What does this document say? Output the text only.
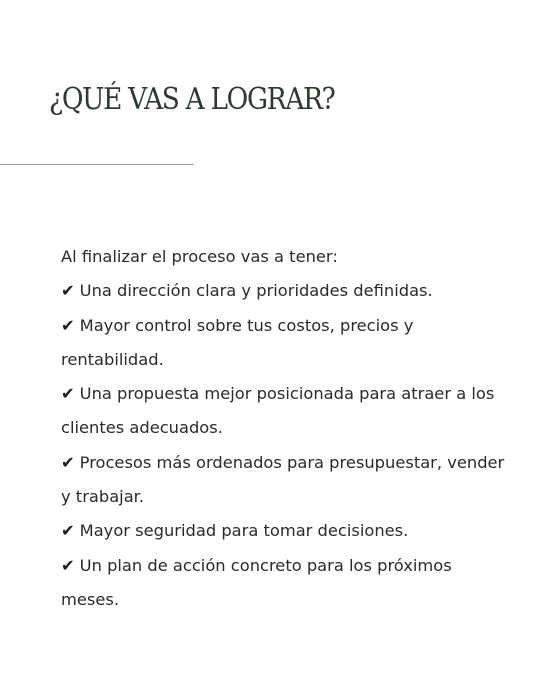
¿QUÉ VAS A LOGRAR?

Al finalizar el proceso vas a tener:

✔ Una dirección clara y prioridades definidas.

✔ Mayor control sobre tus costos, precios y rentabilidad.

✔ Una propuesta mejor posicionada para atraer a los clientes adecuados.

✔ Procesos más ordenados para presupuestar, vender y trabajar.

✔ Mayor seguridad para tomar decisiones.

✔ Un plan de acción concreto para los próximos meses.
